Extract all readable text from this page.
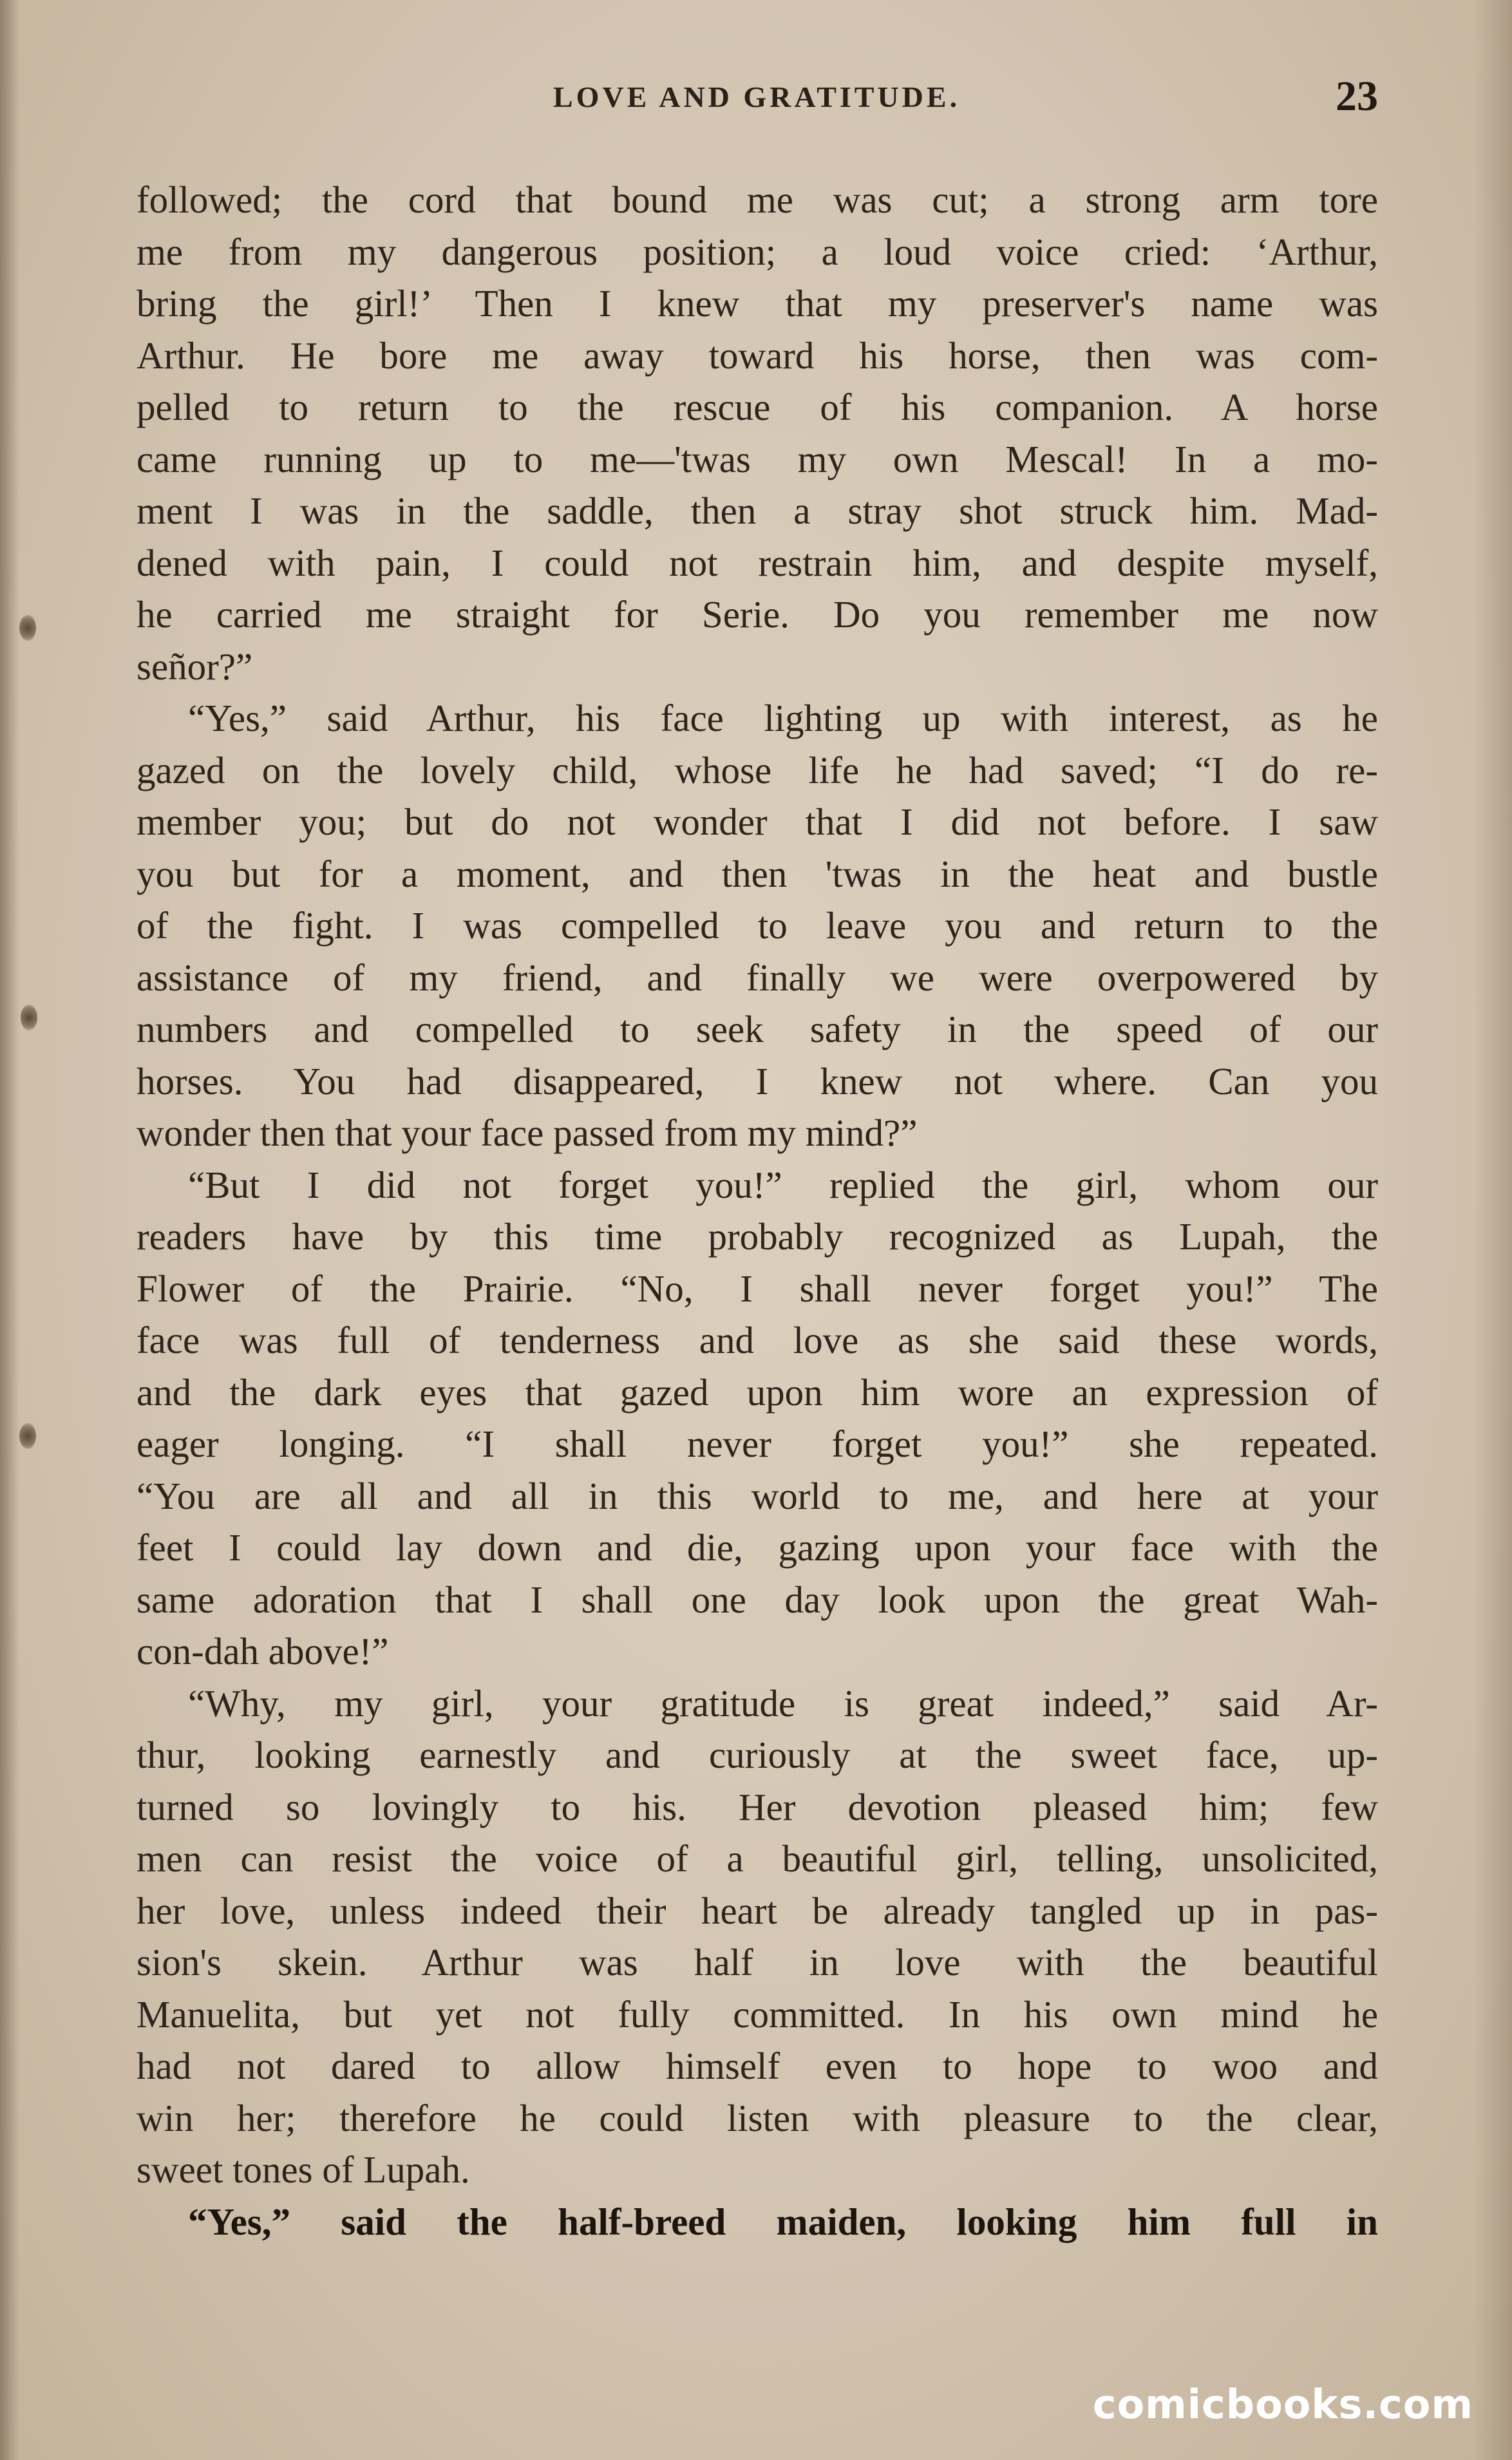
LOVE AND GRATITUDE.	23
followed; the cord that bound me was cut; a strong arm tore
me from my dangerous position; a loud voice cried: ‘Arthur,
bring the girl!’ Then I knew that my preserver's name was
Arthur. He bore me away toward his horse, then was com-
pelled to return to the rescue of his companion. A horse
came running up to me—'twas my own Mescal! In a mo-
ment I was in the saddle, then a stray shot struck him. Mad-
dened with pain, I could not restrain him, and despite myself,
he carried me straight for Serie. Do you remember me now
señor?”
“Yes,” said Arthur, his face lighting up with interest, as he
gazed on the lovely child, whose life he had saved; “I do re-
member you; but do not wonder that I did not before. I saw
you but for a moment, and then 'twas in the heat and bustle
of the fight. I was compelled to leave you and return to the
assistance of my friend, and finally we were overpowered by
numbers and compelled to seek safety in the speed of our
horses. You had disappeared, I knew not where. Can you
wonder then that your face passed from my mind?”
“But I did not forget you!” replied the girl, whom our
readers have by this time probably recognized as Lupah, the
Flower of the Prairie. “No, I shall never forget you!” The
face was full of tenderness and love as she said these words,
and the dark eyes that gazed upon him wore an expression of
eager longing. “I shall never forget you!” she repeated.
“You are all and all in this world to me, and here at your
feet I could lay down and die, gazing upon your face with the
same adoration that I shall one day look upon the great Wah-
con-dah above!”
“Why, my girl, your gratitude is great indeed,” said Ar-
thur, looking earnestly and curiously at the sweet face, up-
turned so lovingly to his. Her devotion pleased him; few
men can resist the voice of a beautiful girl, telling, unsolicited,
her love, unless indeed their heart be already tangled up in pas-
sion's skein. Arthur was half in love with the beautiful
Manuelita, but yet not fully committed. In his own mind he
had not dared to allow himself even to hope to woo and
win her; therefore he could listen with pleasure to the clear,
sweet tones of Lupah.
“Yes,” said the half-breed maiden, looking him full in
comicbooks.com
